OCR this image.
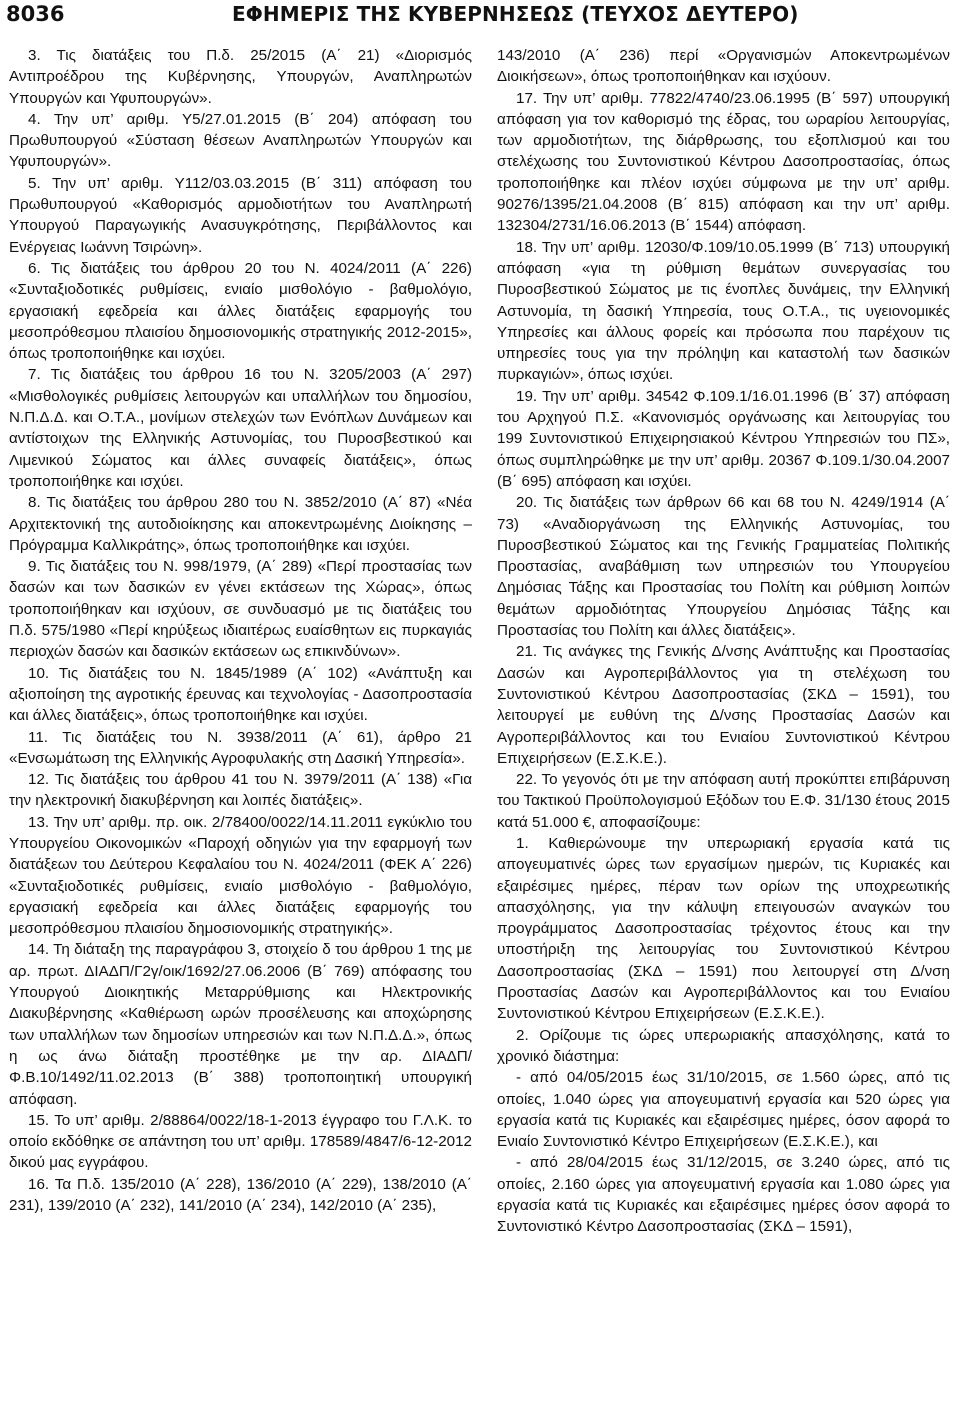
8036	ΕΦΗΜΕΡΙΣ ΤΗΣ ΚΥΒΕΡΝΗΣΕΩΣ (ΤΕΥΧΟΣ ΔΕΥΤΕΡΟ)

3. Τις διατάξεις του Π.δ. 25/2015 (Α΄ 21) «Διορισμός Αντιπροέδρου της Κυβέρνησης, Υπουργών, Αναπληρωτών Υπουργών και Υφυπουργών».

4. Την υπ’ αριθμ. Υ5/27.01.2015 (Β΄ 204) απόφαση του Πρωθυπουργού «Σύσταση θέσεων Αναπληρωτών Υπουργών και Υφυπουργών».

5. Την υπ’ αριθμ. Υ112/03.03.2015 (Β΄ 311) απόφαση του Πρωθυπουργού «Καθορισμός αρμοδιοτήτων του Αναπληρωτή Υπουργού Παραγωγικής Ανασυγκρότησης, Περιβάλλοντος και Ενέργειας Ιωάννη Τσιρώνη».

6. Τις διατάξεις του άρθρου 20 του Ν. 4024/2011 (Α΄ 226) «Συνταξιοδοτικές ρυθμίσεις, ενιαίο μισθολόγιο - βαθμολόγιο, εργασιακή εφεδρεία και άλλες διατάξεις εφαρμογής του μεσοπρόθεσμου πλαισίου δημοσιονομικής στρατηγικής 2012-2015», όπως τροποποιήθηκε και ισχύει.

7. Τις διατάξεις του άρθρου 16 του Ν. 3205/2003 (Α΄ 297) «Μισθολογικές ρυθμίσεις λειτουργών και υπαλλήλων του δημοσίου, Ν.Π.Δ.Δ. και Ο.Τ.Α., μονίμων στελεχών των Ενόπλων Δυνάμεων και αντίστοιχων της Ελληνικής Αστυνομίας, του Πυροσβεστικού και Λιμενικού Σώματος και άλλες συναφείς διατάξεις», όπως τροποποιήθηκε και ισχύει.

8. Τις διατάξεις του άρθρου 280 του Ν. 3852/2010 (Α΄ 87) «Νέα Αρχιτεκτονική της αυτοδιοίκησης και αποκεντρωμένης Διοίκησης – Πρόγραμμα Καλλικράτης», όπως τροποποιήθηκε και ισχύει.

9. Τις διατάξεις του Ν. 998/1979, (Α΄ 289) «Περί προστασίας των δασών και των δασικών εν γένει εκτάσεων της Χώρας», όπως τροποποιήθηκαν και ισχύουν, σε συνδυασμό με τις διατάξεις του Π.δ. 575/1980 «Περί κηρύξεως ιδιαιτέρως ευαίσθητων εις πυρκαγιάς περιοχών δασών και δασικών εκτάσεων ως επικινδύνων».

10. Τις διατάξεις του Ν. 1845/1989 (Α΄ 102) «Ανάπτυξη και αξιοποίηση της αγροτικής έρευνας και τεχνολογίας - Δασοπροστασία και άλλες διατάξεις», όπως τροποποιήθηκε και ισχύει.

11. Τις διατάξεις του Ν. 3938/2011 (Α΄ 61), άρθρο 21 «Ενσωμάτωση της Ελληνικής Αγροφυλακής στη Δασική Υπηρεσία».

12. Τις διατάξεις του άρθρου 41 του Ν. 3979/2011 (Α΄ 138) «Για την ηλεκτρονική διακυβέρνηση και λοιπές διατάξεις».

13. Την υπ’ αριθμ. πρ. οικ. 2/78400/0022/14.11.2011 εγκύκλιο του Υπουργείου Οικονομικών «Παροχή οδηγιών για την εφαρμογή των διατάξεων του Δεύτερου Κεφαλαίου του Ν. 4024/2011 (ΦΕΚ Α΄ 226) «Συνταξιοδοτικές ρυθμίσεις, ενιαίο μισθολόγιο - βαθμολόγιο, εργασιακή εφεδρεία και άλλες διατάξεις εφαρμογής του μεσοπρόθεσμου πλαισίου δημοσιονομικής στρατηγικής».

14. Τη διάταξη της παραγράφου 3, στοιχείο δ του άρθρου 1 της με αρ. πρωτ. ΔΙΑΔΠ/Γ2γ/οικ/1692/27.06.2006 (Β΄ 769) απόφασης του Υπουργού Διοικητικής Μεταρρύθμισης και Ηλεκτρονικής Διακυβέρνησης «Καθιέρωση ωρών προσέλευσης και αποχώρησης των υπαλλήλων των δημοσίων υπηρεσιών και των Ν.Π.Δ.Δ.», όπως η ως άνω διάταξη προστέθηκε με την αρ. ΔΙΑΔΠ/Φ.Β.10/1492/11.02.2013 (Β΄ 388) τροποποιητική υπουργική απόφαση.

15. Το υπ’ αριθμ. 2/88864/0022/18-1-2013 έγγραφο του Γ.Λ.Κ. το οποίο εκδόθηκε σε απάντηση του υπ’ αριθμ. 178589/4847/6-12-2012 δικού μας εγγράφου.

16. Τα Π.δ. 135/2010 (Α΄ 228), 136/2010 (Α΄ 229), 138/2010 (Α΄ 231), 139/2010 (Α΄ 232), 141/2010 (Α΄ 234), 142/2010 (Α΄ 235),

143/2010 (Α΄ 236) περί «Οργανισμών Αποκεντρωμένων Διοικήσεων», όπως τροποποιήθηκαν και ισχύουν.

17. Την υπ’ αριθμ. 77822/4740/23.06.1995 (Β΄ 597) υπουργική απόφαση για τον καθορισμό της έδρας, του ωραρίου λειτουργίας, των αρμοδιοτήτων, της διάρθρωσης, του εξοπλισμού και του στελέχωσης του Συντονιστικού Κέντρου Δασοπροστασίας, όπως τροποποιήθηκε και πλέον ισχύει σύμφωνα με την υπ’ αριθμ. 90276/1395/21.04.2008 (Β΄ 815) απόφαση και την υπ’ αριθμ. 132304/2731/16.06.2013 (Β΄ 1544) απόφαση.

18. Την υπ’ αριθμ. 12030/Φ.109/10.05.1999 (Β΄ 713) υπουργική απόφαση «για τη ρύθμιση θεμάτων συνεργασίας του Πυροσβεστικού Σώματος με τις ένοπλες δυνάμεις, την Ελληνική Αστυνομία, τη δασική Υπηρεσία, τους Ο.Τ.Α., τις υγειονομικές Υπηρεσίες και άλλους φορείς και πρόσωπα που παρέχουν τις υπηρεσίες τους για την πρόληψη και καταστολή των δασικών πυρκαγιών», όπως ισχύει.

19. Την υπ’ αριθμ. 34542 Φ.109.1/16.01.1996 (Β΄ 37) απόφαση του Αρχηγού Π.Σ. «Κανονισμός οργάνωσης και λειτουργίας του 199 Συντονιστικού Επιχειρησιακού Κέντρου Υπηρεσιών του ΠΣ», όπως συμπληρώθηκε με την υπ’ αριθμ. 20367 Φ.109.1/30.04.2007 (Β΄ 695) απόφαση και ισχύει.

20. Τις διατάξεις των άρθρων 66 και 68 του Ν. 4249/1914 (Α΄ 73) «Αναδιοργάνωση της Ελληνικής Αστυνομίας, του Πυροσβεστικού Σώματος και της Γενικής Γραμματείας Πολιτικής Προστασίας, αναβάθμιση των υπηρεσιών του Υπουργείου Δημόσιας Τάξης και Προστασίας του Πολίτη και ρύθμιση λοιπών θεμάτων αρμοδιότητας Υπουργείου Δημόσιας Τάξης και Προστασίας του Πολίτη και άλλες διατάξεις».

21. Τις ανάγκες της Γενικής Δ/νσης Ανάπτυξης και Προστασίας Δασών και Αγροπεριβάλλοντος για τη στελέχωση του Συντονιστικού Κέντρου Δασοπροστασίας (ΣΚΔ – 1591), του λειτουργεί με ευθύνη της Δ/νσης Προστασίας Δασών και Αγροπεριβάλλοντος και του Ενιαίου Συντονιστικού Κέντρου Επιχειρήσεων (Ε.Σ.Κ.Ε.).

22. Το γεγονός ότι με την απόφαση αυτή προκύπτει επιβάρυνση του Τακτικού Προϋπολογισμού Εξόδων του Ε.Φ. 31/130 έτους 2015 κατά 51.000 €, αποφασίζουμε:

1. Καθιερώνουμε την υπερωριακή εργασία κατά τις απογευματινές ώρες των εργασίμων ημερών, τις Κυριακές και εξαιρέσιμες ημέρες, πέραν των ορίων της υποχρεωτικής απασχόλησης, για την κάλυψη επειγουσών αναγκών του προγράμματος Δασοπροστασίας τρέχοντος έτους και την υποστήριξη της λειτουργίας του Συντονιστικού Κέντρου Δασοπροστασίας (ΣΚΔ – 1591) που λειτουργεί στη Δ/νση Προστασίας Δασών και Αγροπεριβάλλοντος και του Ενιαίου Συντονιστικού Κέντρου Επιχειρήσεων (Ε.Σ.Κ.Ε.).

2. Ορίζουμε τις ώρες υπερωριακής απασχόλησης, κατά το χρονικό διάστημα:

- από 04/05/2015 έως 31/10/2015, σε 1.560 ώρες, από τις οποίες, 1.040 ώρες για απογευματινή εργασία και 520 ώρες για εργασία κατά τις Κυριακές και εξαιρέσιμες ημέρες, όσον αφορά το Ενιαίο Συντονιστικό Κέντρο Επιχειρήσεων (Ε.Σ.Κ.Ε.), και

- από 28/04/2015 έως 31/12/2015, σε 3.240 ώρες, από τις οποίες, 2.160 ώρες για απογευματινή εργασία και 1.080 ώρες για εργασία κατά τις Κυριακές και εξαιρέσιμες ημέρες όσον αφορά το Συντονιστικό Κέντρο Δασοπροστασίας (ΣΚΔ – 1591),
